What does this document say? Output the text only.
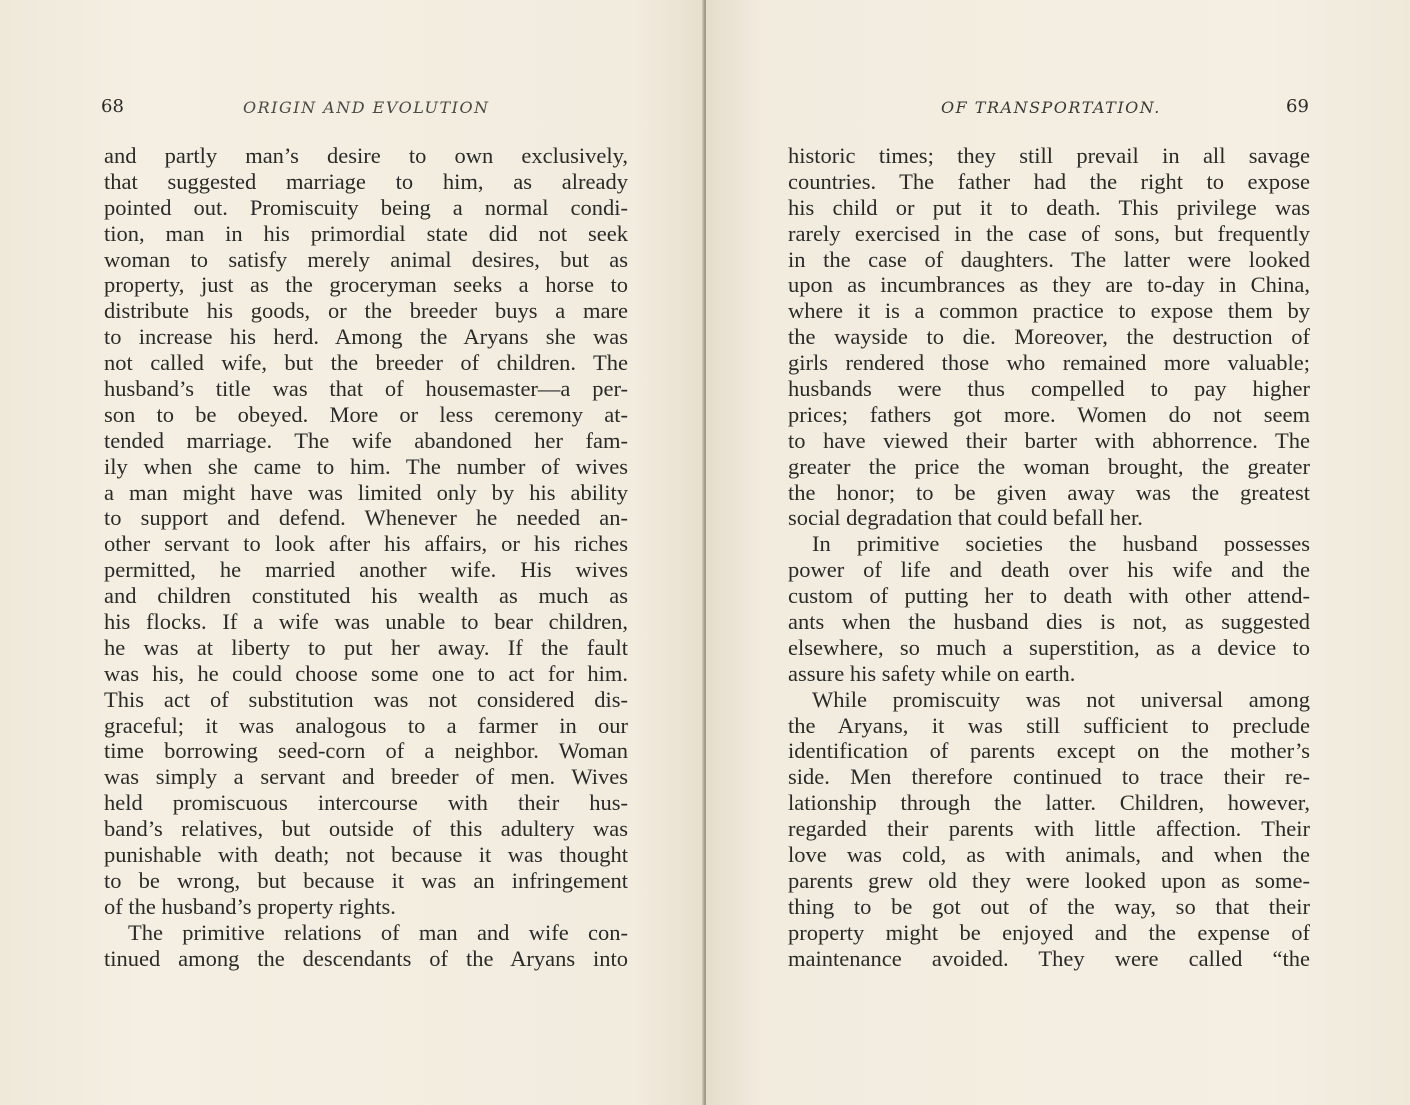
68	ORIGIN AND EVOLUTION
and partly man’s desire to own exclusively,
that suggested marriage to him, as already
pointed out. Promiscuity being a normal condi-
tion, man in his primordial state did not seek
woman to satisfy merely animal desires, but as
property, just as the groceryman seeks a horse to
distribute his goods, or the breeder buys a mare
to increase his herd. Among the Aryans she was
not called wife, but the breeder of children. The
husband’s title was that of housemaster—a per-
son to be obeyed. More or less ceremony at-
tended marriage. The wife abandoned her fam-
ily when she came to him. The number of wives
a man might have was limited only by his ability
to support and defend. Whenever he needed an-
other servant to look after his affairs, or his riches
permitted, he married another wife. His wives
and children constituted his wealth as much as
his flocks. If a wife was unable to bear children,
he was at liberty to put her away. If the fault
was his, he could choose some one to act for him.
This act of substitution was not considered dis-
graceful; it was analogous to a farmer in our
time borrowing seed-corn of a neighbor. Woman
was simply a servant and breeder of men. Wives
held promiscuous intercourse with their hus-
band’s relatives, but outside of this adultery was
punishable with death; not because it was thought
to be wrong, but because it was an infringement
of the husband’s property rights.
The primitive relations of man and wife con-
tinued among the descendants of the Aryans into
OF TRANSPORTATION.	69
historic times; they still prevail in all savage
countries. The father had the right to expose
his child or put it to death. This privilege was
rarely exercised in the case of sons, but frequently
in the case of daughters. The latter were looked
upon as incumbrances as they are to-day in China,
where it is a common practice to expose them by
the wayside to die. Moreover, the destruction of
girls rendered those who remained more valuable;
husbands were thus compelled to pay higher
prices; fathers got more. Women do not seem
to have viewed their barter with abhorrence. The
greater the price the woman brought, the greater
the honor; to be given away was the greatest
social degradation that could befall her.
In primitive societies the husband possesses
power of life and death over his wife and the
custom of putting her to death with other attend-
ants when the husband dies is not, as suggested
elsewhere, so much a superstition, as a device to
assure his safety while on earth.
While promiscuity was not universal among
the Aryans, it was still sufficient to preclude
identification of parents except on the mother’s
side. Men therefore continued to trace their re-
lationship through the latter. Children, however,
regarded their parents with little affection. Their
love was cold, as with animals, and when the
parents grew old they were looked upon as some-
thing to be got out of the way, so that their
property might be enjoyed and the expense of
maintenance avoided. They were called “the
